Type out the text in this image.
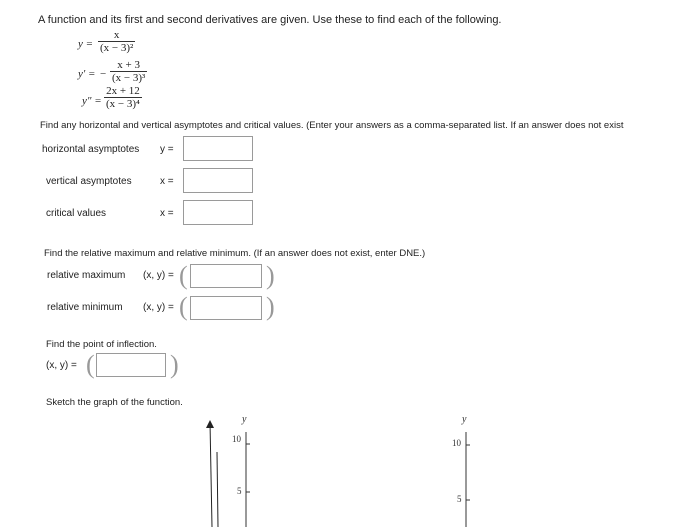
A function and its first and second derivatives are given. Use these to find each of the following.
$y = \frac{x}{\text{(x − 3)²}}$
y' = − $\frac{x + 3}{\text{(x − 3)³}}$
y" = $\frac{2x + 12}{\text{(x − 3)⁴}}$
Find any horizontal and vertical asymptotes and critical values. (Enter your answers as a comma-separated list. If an answer does not exist
horizontal asymptotes y =
vertical asymptotes	x =
critical values	x =
Find the relative maximum and relative minimum. (If an answer does not exist, enter DNE.)
relative maximum (x, y) = (	)
relative minimum (x, y) = (	)
Find the point of inflection.
(x, y) = (	)
Sketch the graph of the function.
y
10
5
y
10
5
